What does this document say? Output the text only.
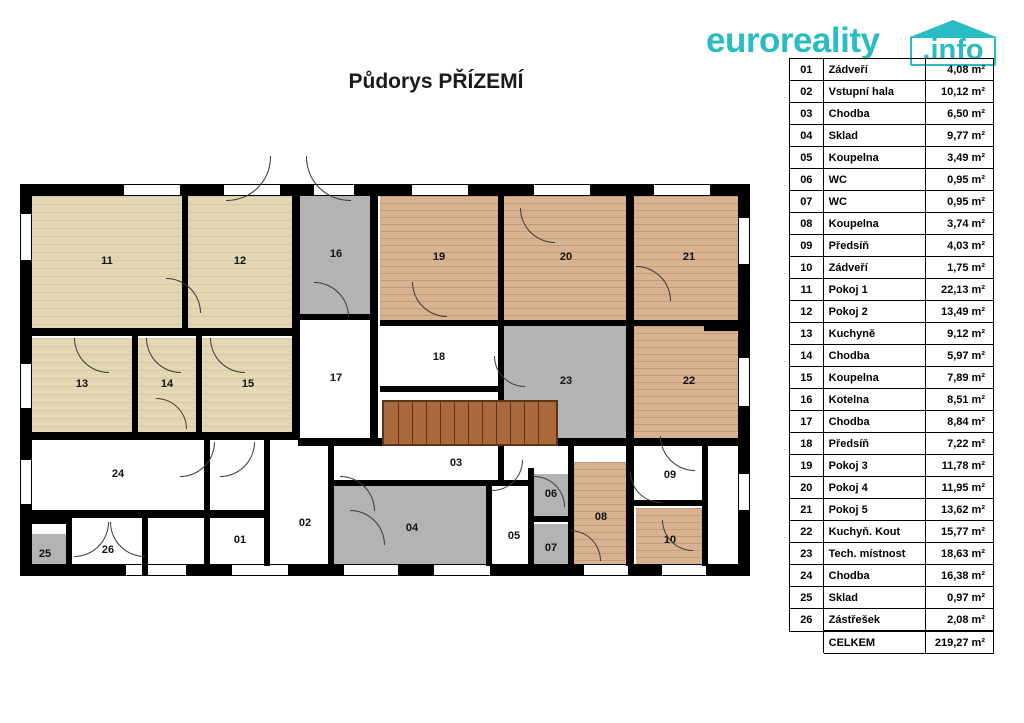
euroreality	.info
Půdorys PŘÍZEMÍ
01
02
03
04
05
06
07
08
09
10
11	12
13	14	15
16
17
18
19	20	21
22
23
24
25	26
01	Zádveří	4,08 m²
02	Vstupní hala	10,12 m²
03	Chodba	6,50 m²
04	Sklad	9,77 m²
05	Koupelna	3,49 m²
06	WC	0,95 m²
07	WC	0,95 m²
08	Koupelna	3,74 m²
09	Předsíň	4,03 m²
10	Zádveří	1,75 m²
11	Pokoj 1	22,13 m²
12	Pokoj 2	13,49 m²
13	Kuchyně	9,12 m²
14	Chodba	5,97 m²
15	Koupelna	7,89 m²
16	Kotelna	8,51 m²
17	Chodba	8,84 m²
18	Předsíň	7,22 m²
19	Pokoj 3	11,78 m²
20	Pokoj 4	11,95 m²
21	Pokoj 5	13,62 m²
22	Kuchyň. Kout	15,77 m²
23	Tech. místnost	18,63 m²
24	Chodba	16,38 m²
25	Sklad	0,97 m²
26	Zástřešek	2,08 m²
	CELKEM	219,27 m²
